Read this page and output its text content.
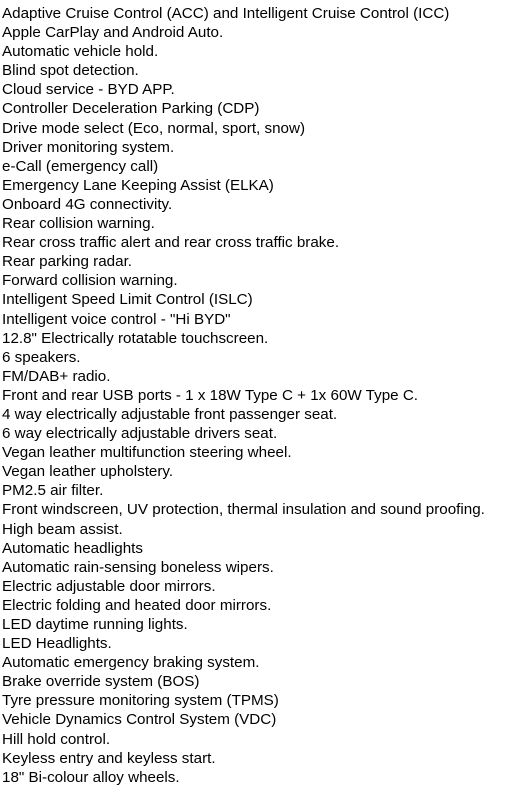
Adaptive Cruise Control (ACC) and Intelligent Cruise Control (ICC)
Apple CarPlay and Android Auto.
Automatic vehicle hold.
Blind spot detection.
Cloud service - BYD APP.
Controller Deceleration Parking (CDP)
Drive mode select (Eco, normal, sport, snow)
Driver monitoring system.
e-Call (emergency call)
Emergency Lane Keeping Assist (ELKA)
Onboard 4G connectivity.
Rear collision warning.
Rear cross traffic alert and rear cross traffic brake.
Rear parking radar.
Forward collision warning.
Intelligent Speed Limit Control (ISLC)
Intelligent voice control - "Hi BYD"
12.8" Electrically rotatable touchscreen.
6 speakers.
FM/DAB+ radio.
Front and rear USB ports - 1 x 18W Type C + 1x 60W Type C.
4 way electrically adjustable front passenger seat.
6 way electrically adjustable drivers seat.
Vegan leather multifunction steering wheel.
Vegan leather upholstery.
PM2.5 air filter.
Front windscreen, UV protection, thermal insulation and sound proofing.
High beam assist.
Automatic headlights
Automatic rain-sensing boneless wipers.
Electric adjustable door mirrors.
Electric folding and heated door mirrors.
LED daytime running lights.
LED Headlights.
Automatic emergency braking system.
Brake override system (BOS)
Tyre pressure monitoring system (TPMS)
Vehicle Dynamics Control System (VDC)
Hill hold control.
Keyless entry and keyless start.
18" Bi-colour alloy wheels.
